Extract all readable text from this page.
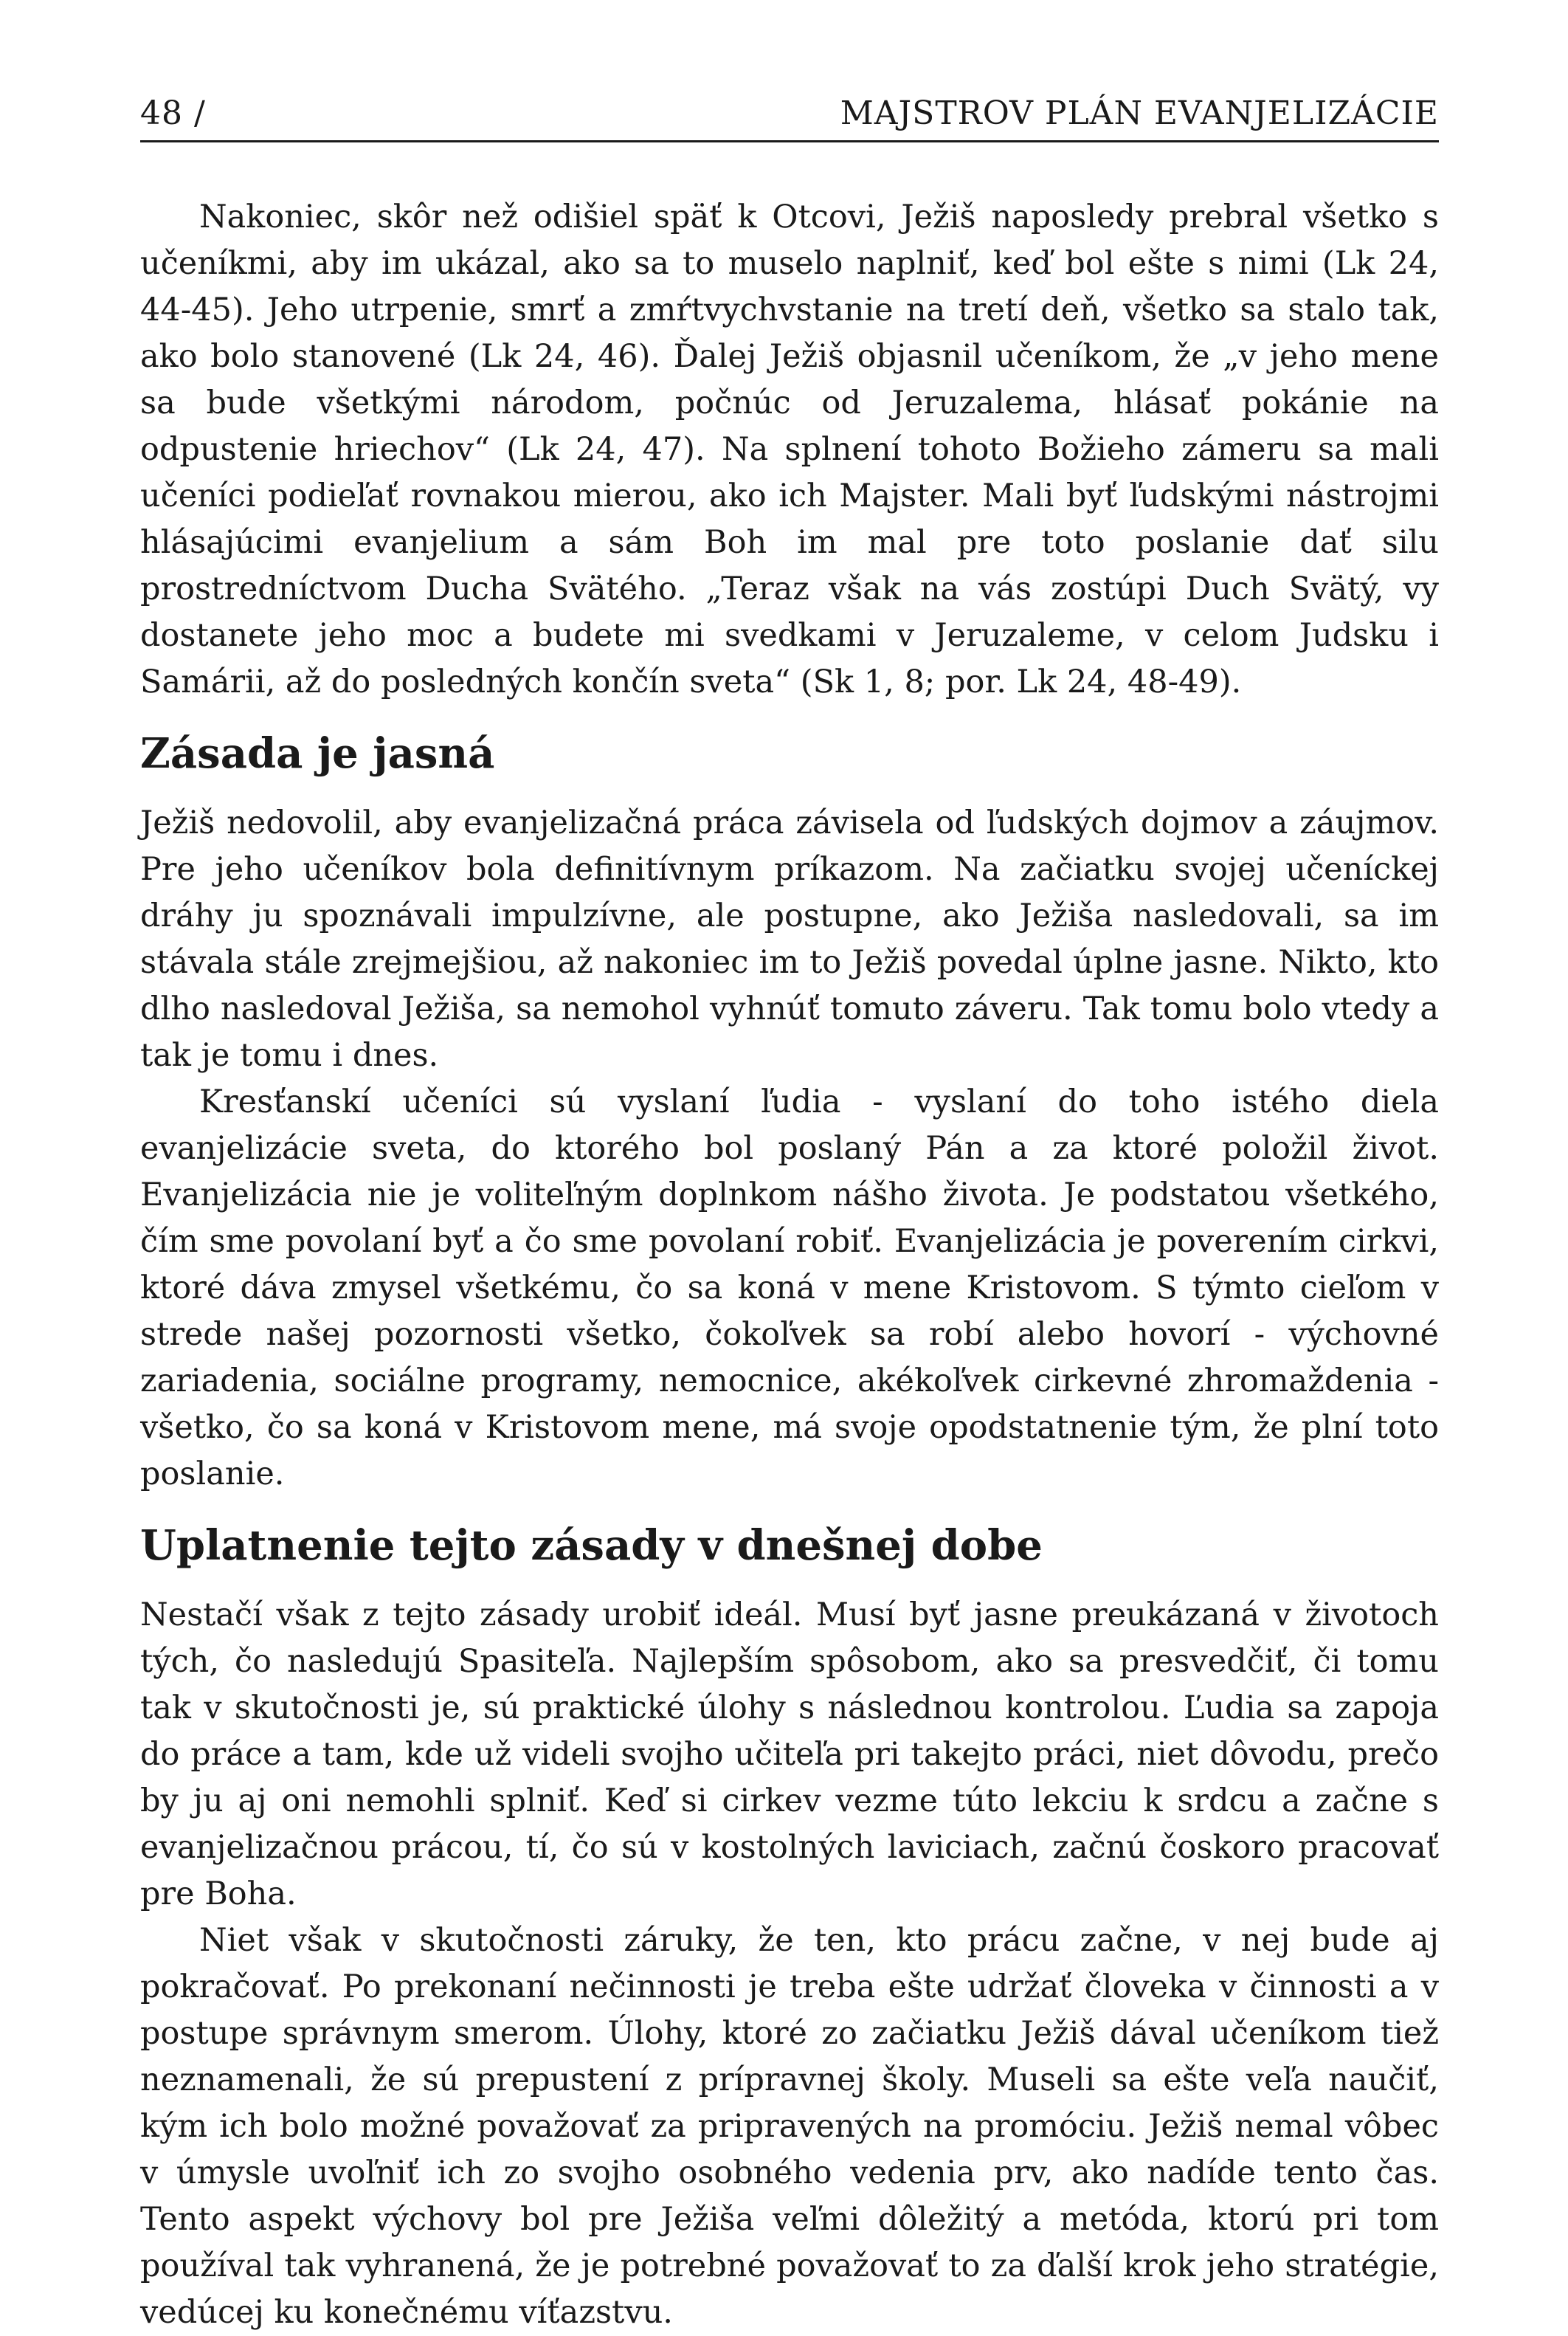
48 /	MAJSTROV PLÁN EVANJELIZÁCIE

Nakoniec, skôr než odišiel späť k Otcovi, Ježiš naposledy prebral všetko s učeníkmi, aby im ukázal, ako sa to muselo naplniť, keď bol ešte s nimi (Lk 24, 44-45). Jeho utrpenie, smrť a zmŕtvychvstanie na tretí deň, všetko sa stalo tak, ako bolo stanovené (Lk 24, 46). Ďalej Ježiš objasnil učeníkom, že „v jeho mene sa bude všetkými národom, počnúc od Jeruzalema, hlásať pokánie na odpustenie hriechov“ (Lk 24, 47). Na splnení tohoto Božieho zámeru sa mali učeníci podieľať rovnakou mierou, ako ich Majster. Mali byť ľudskými nástrojmi hlásajúcimi evanjelium a sám Boh im mal pre toto poslanie dať silu prostredníctvom Ducha Svätého. „Teraz však na vás zostúpi Duch Svätý, vy dostanete jeho moc a budete mi svedkami v Jeruzaleme, v celom Judsku i Samárii, až do posledných končín sveta“ (Sk 1, 8; por. Lk 24, 48-49).

Zásada je jasná

Ježiš nedovolil, aby evanjelizačná práca závisela od ľudských dojmov a záujmov. Pre jeho učeníkov bola definitívnym príkazom. Na začiatku svojej učeníckej dráhy ju spoznávali impulzívne, ale postupne, ako Ježiša nasledovali, sa im stávala stále zrejmejšiou, až nakoniec im to Ježiš povedal úplne jasne. Nikto, kto dlho nasledoval Ježiša, sa nemohol vyhnúť tomuto záveru. Tak tomu bolo vtedy a tak je tomu i dnes.

Kresťanskí učeníci sú vyslaní ľudia - vyslaní do toho istého diela evanjelizácie sveta, do ktorého bol poslaný Pán a za ktoré položil život. Evanjelizácia nie je voliteľným doplnkom nášho života. Je podstatou všetkého, čím sme povolaní byť a čo sme povolaní robiť. Evanjelizácia je poverením cirkvi, ktoré dáva zmysel všetkému, čo sa koná v mene Kristovom. S týmto cieľom v strede našej pozornosti všetko, čokoľvek sa robí alebo hovorí - výchovné zariadenia, sociálne programy, nemocnice, akékoľvek cirkevné zhromaždenia - všetko, čo sa koná v Kristovom mene, má svoje opodstatnenie tým, že plní toto poslanie.

Uplatnenie tejto zásady v dnešnej dobe

Nestačí však z tejto zásady urobiť ideál. Musí byť jasne preukázaná v životoch tých, čo nasledujú Spasiteľa. Najlepším spôsobom, ako sa presvedčiť, či tomu tak v skutočnosti je, sú praktické úlohy s následnou kontrolou. Ľudia sa zapoja do práce a tam, kde už videli svojho učiteľa pri takejto práci, niet dôvodu, prečo by ju aj oni nemohli splniť. Keď si cirkev vezme túto lekciu k srdcu a začne s evanjelizačnou prácou, tí, čo sú v kostolných laviciach, začnú čoskoro pracovať pre Boha.

Niet však v skutočnosti záruky, že ten, kto prácu začne, v nej bude aj pokračovať. Po prekonaní nečinnosti je treba ešte udržať človeka v činnosti a v postupe správnym smerom. Úlohy, ktoré zo začiatku Ježiš dával učeníkom tiež neznamenali, že sú prepustení z prípravnej školy. Museli sa ešte veľa naučiť, kým ich bolo možné považovať za pripravených na promóciu. Ježiš nemal vôbec v úmysle uvoľniť ich zo svojho osobného vedenia prv, ako nadíde tento čas. Tento aspekt výchovy bol pre Ježiša veľmi dôležitý a metóda, ktorú pri tom používal tak vyhranená, že je potrebné považovať to za ďalší krok jeho stratégie, vedúcej ku konečnému víťazstvu.
